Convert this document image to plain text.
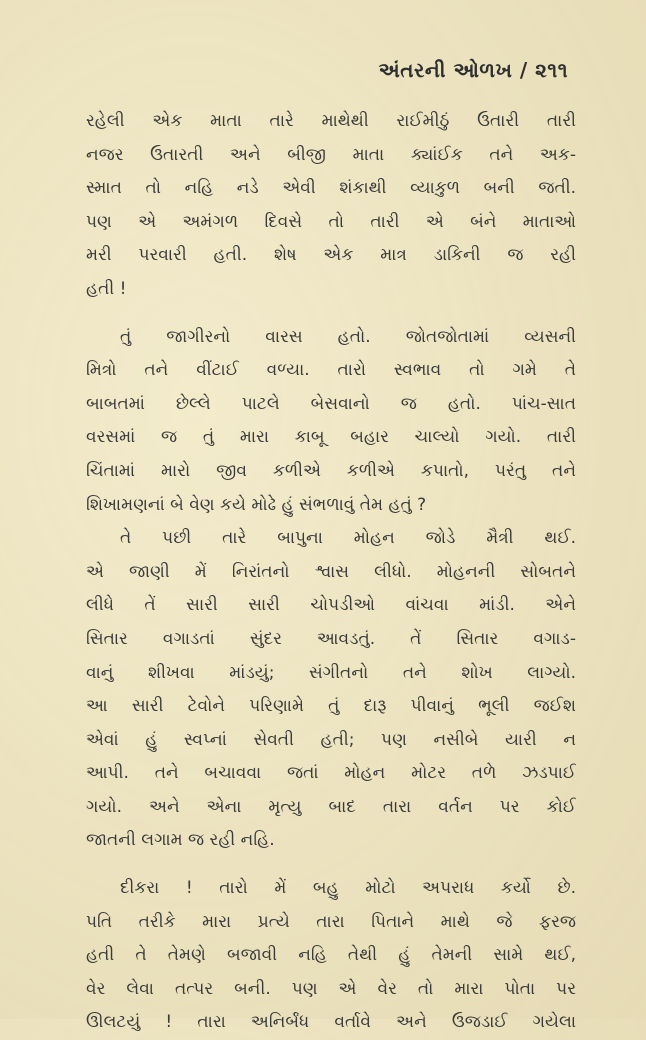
અંતરની ઓળખ / ૨૧૧
રહેલી એક માતા તારે માથેથી રાઈમીઠું ઉતારી તારી
નજર ઉતારતી અને બીજી માતા ક્યાંઈક તને અક-
સ્માત તો નહિ નડે એવી શંકાથી વ્યાકુળ બની જતી.
પણ એ અમંગળ દિવસે તો તારી એ બંને માતાઓ
મરી પરવારી હતી. શેષ એક માત્ર ડાકિની જ રહી
હતી !
તું જાગીરનો વારસ હતો. જોતજોતામાં વ્યસની
મિત્રો તને વીંટાઈ વળ્યા. તારો સ્વભાવ તો ગમે તે
બાબતમાં છેલ્લે પાટલે બેસવાનો જ હતો. પાંચ-સાત
વરસમાં જ તું મારા કાબૂ બહાર ચાલ્યો ગયો. તારી
ચિંતામાં મારો જીવ કળીએ કળીએ કપાતો, પરંતુ તને
શિખામણનાં બે વેણ કયે મોઢે હું સંભળાવું તેમ હતું ?
તે પછી તારે બાપુના મોહન જોડે મૈત્રી થઈ.
એ જાણી મેં નિરાંતનો શ્વાસ લીધો. મોહનની સોબતને
લીધે તેં સારી સારી ચોપડીઓ વાંચવા માંડી. એને
સિતાર વગાડતાં સુંદર આવડતું. તેં સિતાર વગાડ-
વાનું શીખવા માંડયું; સંગીતનો તને શોખ લાગ્યો.
આ સારી ટેવોને પરિણામે તું દારૂ પીવાનું ભૂલી જઈશ
એવાં હું સ્વપ્નાં સેવતી હતી; પણ નસીબે યારી ન
આપી. તને બચાવવા જતાં મોહન મોટર તળે ઝડપાઈ
ગયો. અને એના મૃત્યુ બાદ તારા વર્તન પર કોઈ
જાતની લગામ જ રહી નહિ.
દીકરા ! તારો મેં બહુ મોટો અપરાધ કર્યો છે.
પતિ તરીકે મારા પ્રત્યે તારા પિતાને માથે જે ફરજ
હતી તે તેમણે બજાવી નહિ તેથી હું તેમની સામે થઈ,
વેર લેવા તત્પર બની. પણ એ વેર તો મારા પોતા પર
ઊલટયું ! તારા અનિર્બંધ વર્તાવે અને ઉજડાઈ ગયેલા
